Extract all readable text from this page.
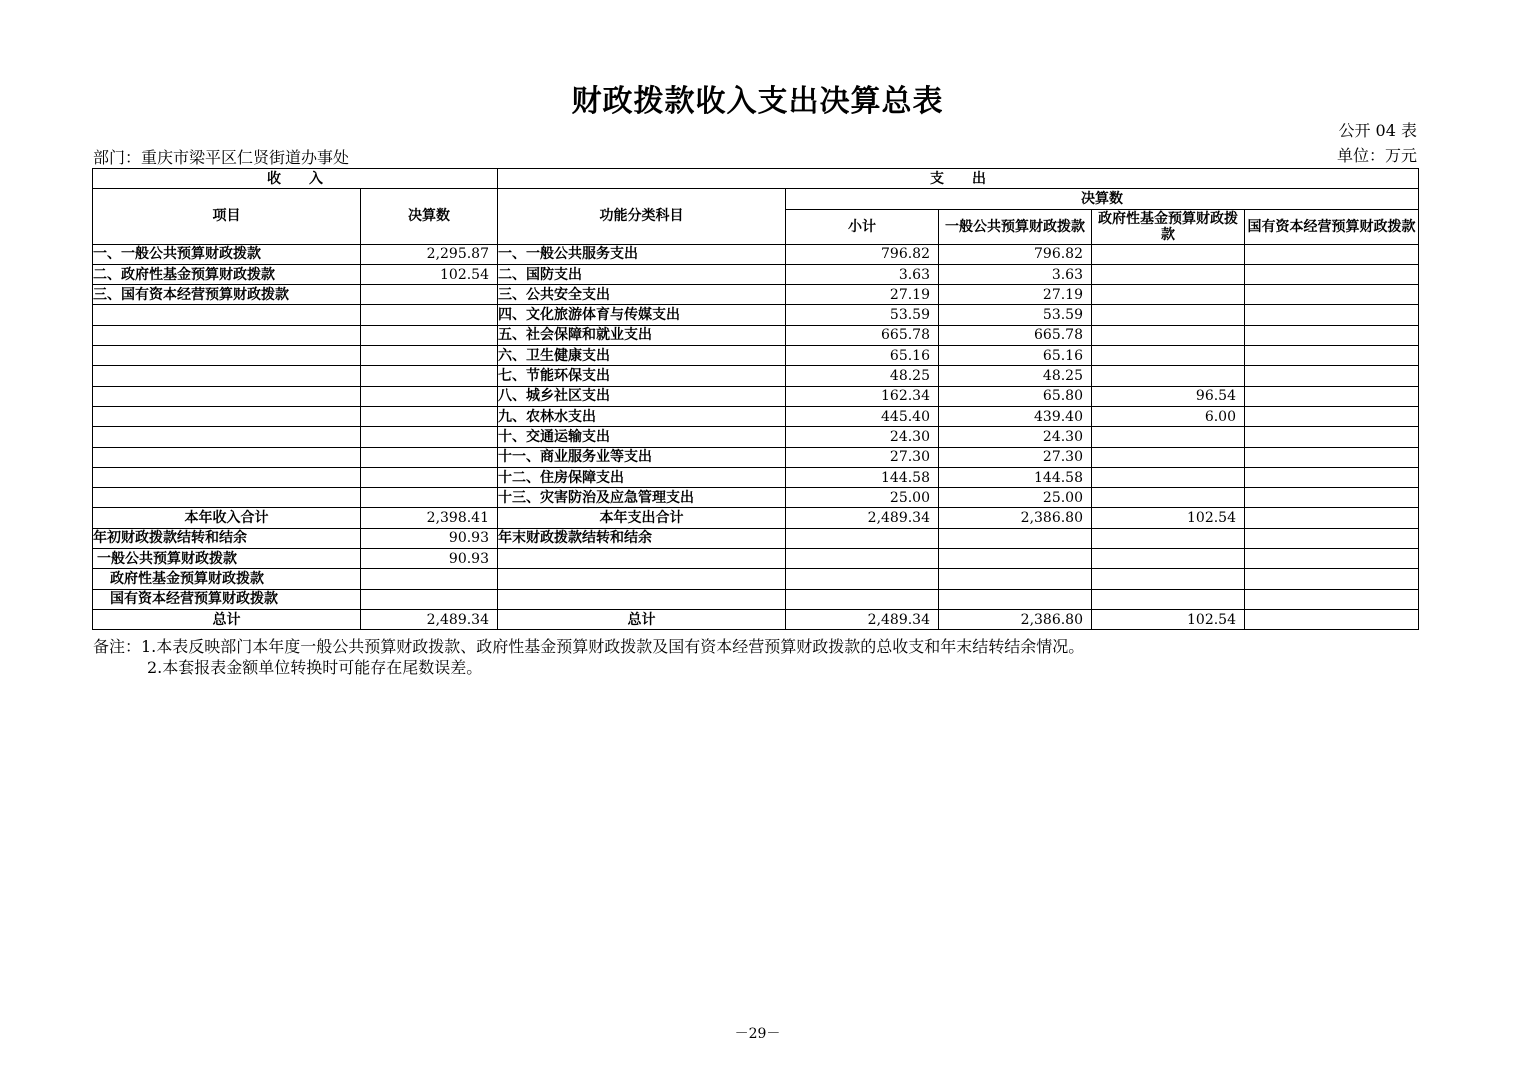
财政拨款收入支出决算总表
公开 04 表
部门：重庆市梁平区仁贤街道办事处	单位：万元
收　　入		支　　出				
项目	决算数	功能分类科目	决算数			
			小计	一般公共预算财政拨款	政府性基金预算财政拨款	国有资本经营预算财政拨款

一、一般公共预算财政拨款	2,295.87	一、一般公共服务支出	796.82	796.82		
二、政府性基金预算财政拨款	102.54	二、国防支出	3.63	3.63		
三、国有资本经营预算财政拨款		三、公共安全支出	27.19	27.19		
		四、文化旅游体育与传媒支出	53.59	53.59		
		五、社会保障和就业支出	665.78	665.78		
		六、卫生健康支出	65.16	65.16		
		七、节能环保支出	48.25	48.25		
		八、城乡社区支出	162.34	65.80	96.54	
		九、农林水支出	445.40	439.40	6.00	
		十、交通运输支出	24.30	24.30		
		十一、商业服务业等支出	27.30	27.30		
		十二、住房保障支出	144.58	144.58		
		十三、灾害防治及应急管理支出	25.00	25.00		
本年收入合计	2,398.41	本年支出合计	2,489.34	2,386.80	102.54	
年初财政拨款结转和结余	90.93	年末财政拨款结转和结余				
一般公共预算财政拨款	90.93					
政府性基金预算财政拨款						
国有资本经营预算财政拨款						
总计	2,489.34	总计	2,489.34	2,386.80	102.54	
备注：1.本表反映部门本年度一般公共预算财政拨款、政府性基金预算财政拨款及国有资本经营预算财政拨款的总收支和年末结转结余情况。
2.本套报表金额单位转换时可能存在尾数误差。
－29－
